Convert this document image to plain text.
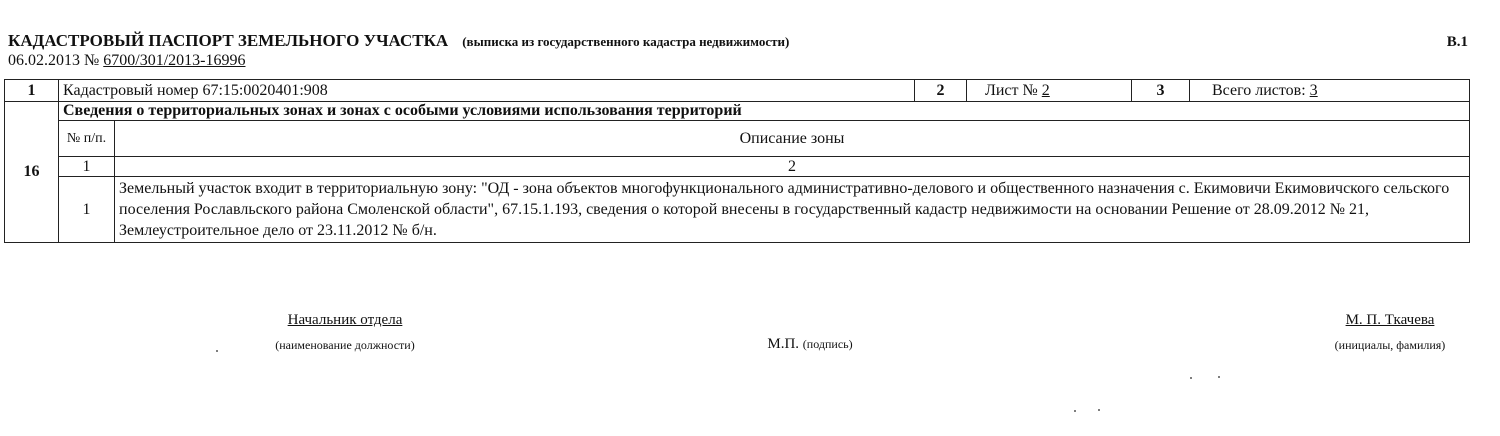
КАДАСТРОВЫЙ ПАСПОРТ ЗЕМЕЛЬНОГО УЧАСТКА (выписка из государственного кадастра недвижимости)	В.1
06.02.2013 № 6700/301/2013-16996
1	Кадастровый номер 67:15:0020401:908		2	Лист № 2	3	Всего листов: 3
16	Сведения о территориальных зонах и зонах с особыми условиями использования территорий					
	№ п/п.	Описание зоны				
	1	2				
	1	Земельный участок входит в территориальную зону: "ОД - зона объектов многофункционального административно-делового и общественного назначения с. Екимовичи Екимовичского сельского поселения Рославльского района Смоленской области", 67.15.1.193, сведения о которой внесены в государственный кадастр недвижимости на основании Решение от 28.09.2012 № 21, Землеустроительное дело от 23.11.2012 № б/н.				
Начальник отдела
(наименование должности)	М.П. (подпись)
М. П. Ткачева
(инициалы, фамилия)
